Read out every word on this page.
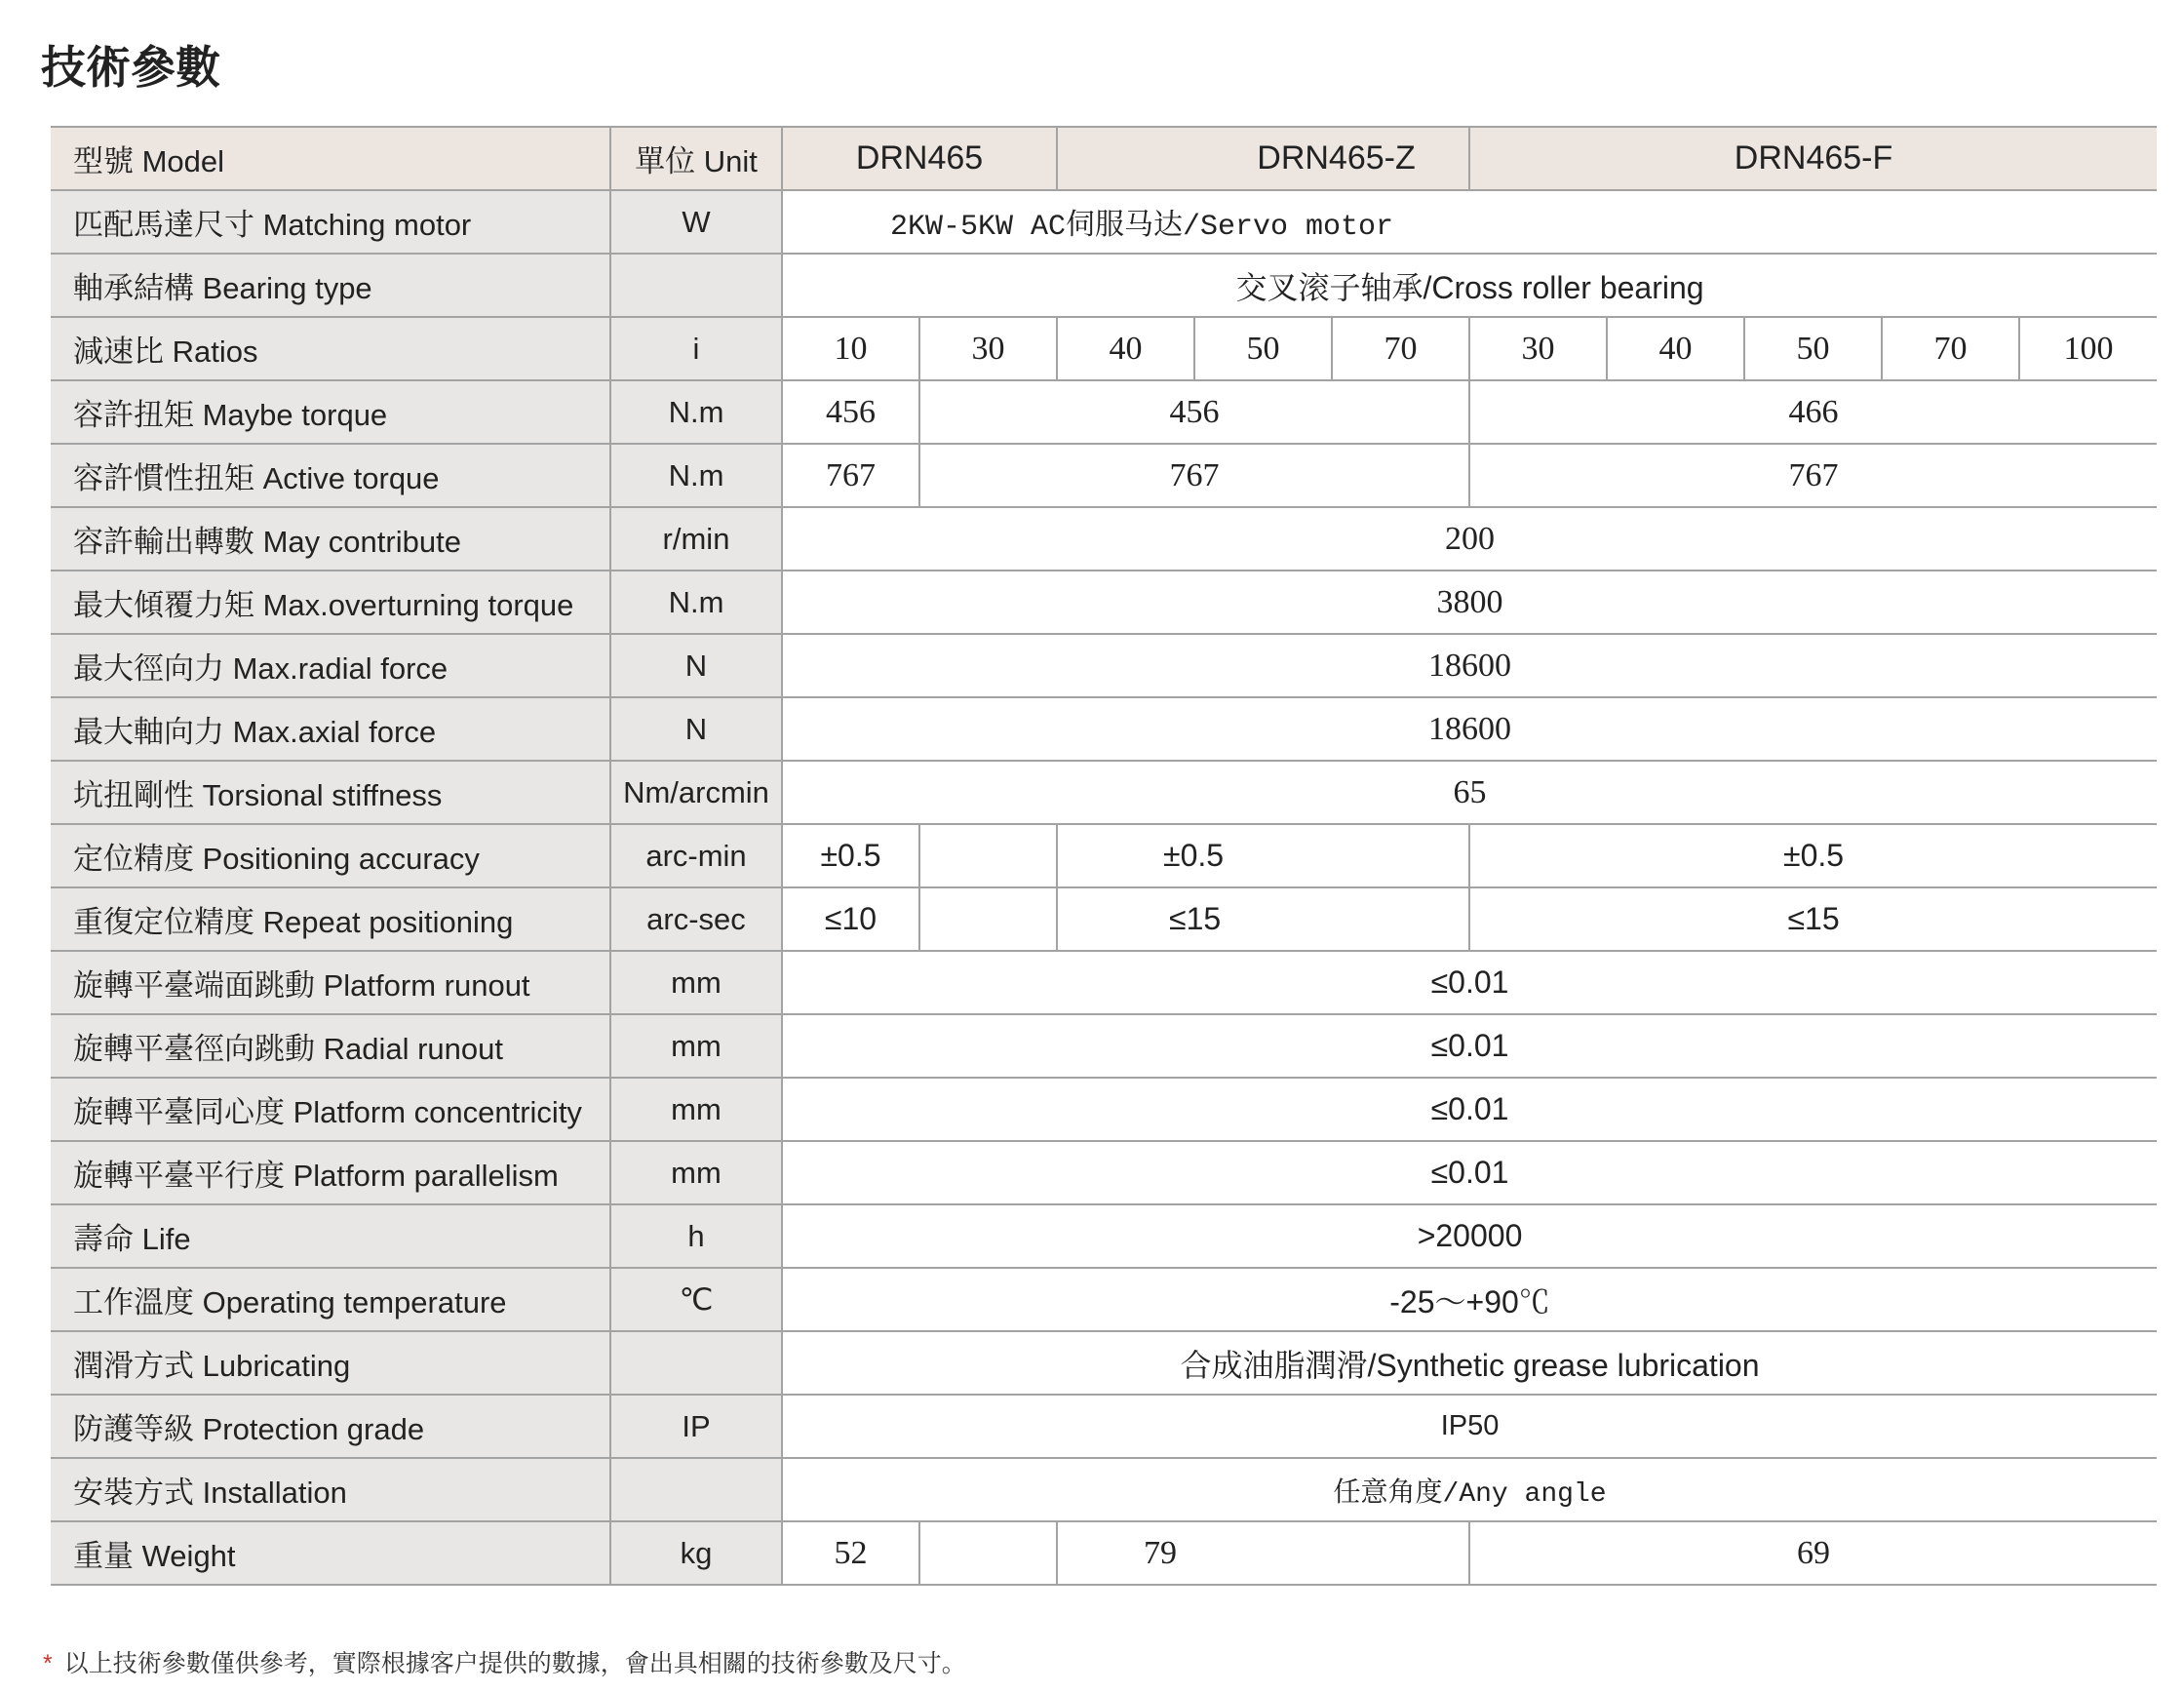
技術參數
型號 Model	單位 Unit	DRN465		DRN465-Z			DRN465-F				
匹配馬達尺寸 Matching motor	W	2KW-5KW AC伺服马达/Servo motor									
軸承結構 Bearing type		交叉滚子轴承/Cross roller bearing									
減速比 Ratios	i	10	30	40	50	70	30	40	50	70	100
容許扭矩 Maybe torque	N.m	456	456				466				
容許慣性扭矩 Active torque	N.m	767	767				767				
容許輸出轉數 May contribute	r/min	200									
最大傾覆力矩 Max.overturning torque	N.m	3800									
最大徑向力 Max.radial force	N	18600									
最大軸向力 Max.axial force	N	18600									
坑扭剛性 Torsional stiffness	Nm/arcmin	65									
定位精度 Positioning accuracy	arc-min	±0.5		±0.5			±0.5				
重復定位精度 Repeat positioning	arc-sec	≤10		≤15			≤15				
旋轉平臺端面跳動 Platform runout	mm	≤0.01									
旋轉平臺徑向跳動 Radial runout	mm	≤0.01									
旋轉平臺同心度 Platform concentricity	mm	≤0.01									
旋轉平臺平行度 Platform parallelism	mm	≤0.01									
壽命 Life	h	>20000									
工作溫度 Operating temperature	℃	-25～+90℃									
潤滑方式 Lubricating		合成油脂潤滑/Synthetic grease lubrication									
防護等級 Protection grade	IP	IP50									
安裝方式 Installation		任意角度/Any angle									
重量 Weight	kg	52		79			69				
* 以上技術參數僅供參考，實際根據客户提供的數據，會出具相關的技術參數及尺寸。
